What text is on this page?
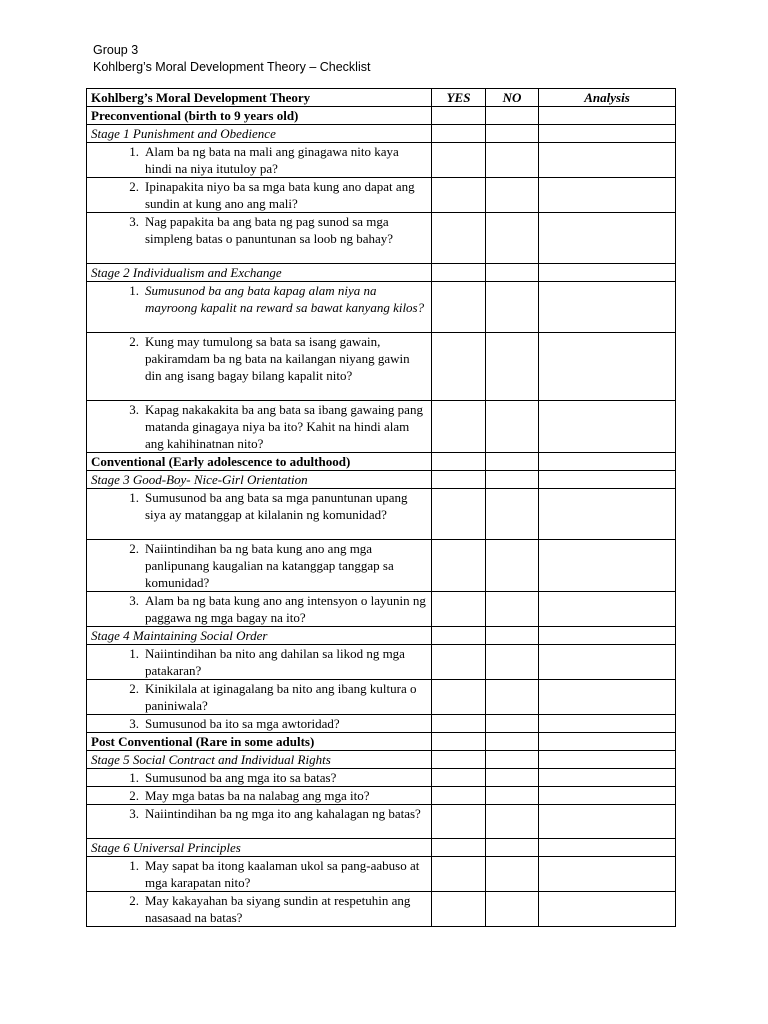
Group 3
Kohlberg’s Moral Development Theory – Checklist
Kohlberg’s Moral Development Theory	YES	NO	Analysis
Preconventional (birth to 9 years old)			
Stage 1 Punishment and Obedience			

1. Alam ba ng bata na mali ang ginagawa nito kaya hindi na niya itutuloy pa?			

2. Ipinapakita niyo ba sa mga bata kung ano dapat ang sundin at kung ano ang mali?			

3. Nag papakita ba ang bata ng pag sunod sa mga simpleng batas o panuntunan sa loob ng bahay?			

Stage 2 Individualism and Exchange			

1. Sumusunod ba ang bata kapag alam niya na mayroong kapalit na reward sa bawat kanyang kilos?			

2. Kung may tumulong sa bata sa isang gawain, pakiramdam ba ng bata na kailangan niyang gawin din ang isang bagay bilang kapalit nito?			

3. Kapag nakakakita ba ang bata sa ibang gawaing pang matanda ginagaya niya ba ito? Kahit na hindi alam ang kahihinatnan nito?			

Conventional (Early adolescence to adulthood)			
Stage 3 Good-Boy- Nice-Girl Orientation			

1. Sumusunod ba ang bata sa mga panuntunan upang siya ay matanggap at kilalanin ng komunidad?			

2. Naiintindihan ba ng bata kung ano ang mga panlipunang kaugalian na katanggap tanggap sa komunidad?			

3. Alam ba ng bata kung ano ang intensyon o layunin ng paggawa ng mga bagay na ito?			

Stage 4 Maintaining Social Order			

1. Naiintindihan ba nito ang dahilan sa likod ng mga patakaran?			

2. Kinikilala at iginagalang ba nito ang ibang kultura o paniniwala?			

3. Sumusunod ba ito sa mga awtoridad?			

Post Conventional (Rare in some adults)			
Stage 5 Social Contract and Individual Rights			

1. Sumusunod ba ang mga ito sa batas?			

2. May mga batas ba na nalabag ang mga ito?			

3. Naiintindihan ba ng mga ito ang kahalagan ng batas?			

Stage 6 Universal Principles			

1. May sapat ba itong kaalaman ukol sa pang-aabuso at mga karapatan nito?			

2. May kakayahan ba siyang sundin at respetuhin ang nasasaad na batas?			
